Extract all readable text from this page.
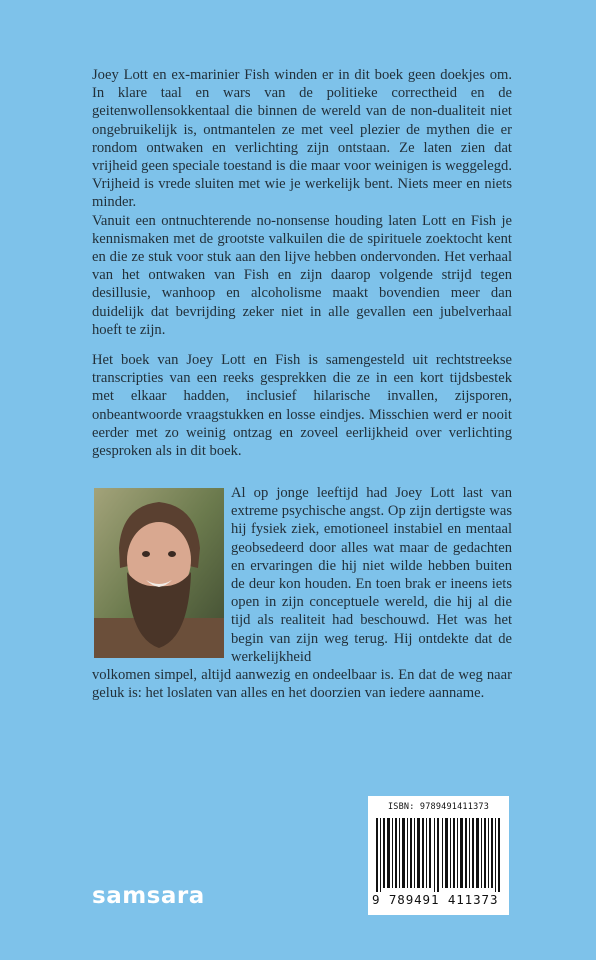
Joey Lott en ex-marinier Fish winden er in dit boek geen doekjes om. In klare taal en wars van de politieke correctheid en de geitenwollensokkentaal die binnen de wereld van de non-dualiteit niet ongebruikelijk is, ontmantelen ze met veel plezier de mythen die er rondom ontwaken en verlichting zijn ontstaan. Ze laten zien dat vrijheid geen speciale toestand is die maar voor weinigen is weggelegd. Vrijheid is vrede sluiten met wie je werkelijk bent. Niets meer en niets minder.

Vanuit een ontnuchterende no-nonsense houding laten Lott en Fish je kennismaken met de grootste valkuilen die de spirituele zoektocht kent en die ze stuk voor stuk aan den lijve hebben ondervonden. Het verhaal van het ontwaken van Fish en zijn daarop volgende strijd tegen desillusie, wanhoop en alcoholisme maakt bovendien meer dan duidelijk dat bevrijding zeker niet in alle gevallen een jubelverhaal hoeft te zijn.

Het boek van Joey Lott en Fish is samengesteld uit rechtstreekse transcripties van een reeks gesprekken die ze in een kort tijdsbestek met elkaar hadden, inclusief hilarische invallen, zijsporen, onbeantwoorde vraagstukken en losse eindjes. Misschien werd er nooit eerder met zo weinig ontzag en zoveel eerlijkheid over verlichting gesproken als in dit boek.

Al op jonge leeftijd had Joey Lott last van extreme psychische angst. Op zijn dertigste was hij fysiek ziek, emotioneel instabiel en mentaal geobsedeerd door alles wat maar de gedachten en ervaringen die hij niet wilde hebben buiten de deur kon houden. En toen brak er ineens iets open in zijn conceptuele wereld, die hij al die tijd als realiteit had beschouwd. Het was het begin van zijn weg terug. Hij ontdekte dat de werkelijkheid
volkomen simpel, altijd aanwezig en ondeelbaar is. En dat de weg naar geluk is: het loslaten van alles en het doorzien van iedere aanname.
samsara
ISBN: 9789491411373
9 789491 411373
